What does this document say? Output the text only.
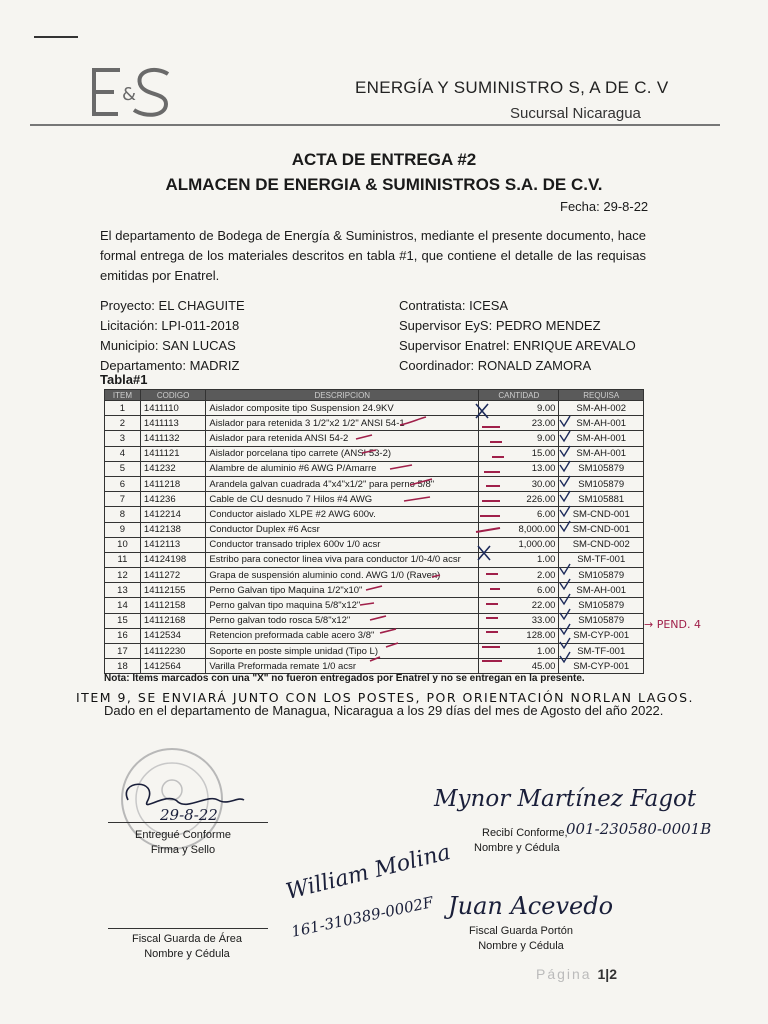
&	ENERGÍA Y SUMINISTRO S, A DE C. V
Sucursal Nicaragua
ACTA DE ENTREGA #2
ALMACEN DE ENERGIA & SUMINISTROS S.A. DE C.V.
Fecha: 29-8-22
El departamento de Bodega de Energía & Suministros, mediante el presente documento, hace formal entrega de los materiales descritos en tabla #1, que contiene el detalle de las requisas emitidas por Enatrel.
Proyecto: EL CHAGUITE
Licitación: LPI-011-2018
Municipio: SAN LUCAS
Departamento: MADRIZ
Contratista: ICESA
Supervisor EyS: PEDRO MENDEZ
Supervisor Enatrel: ENRIQUE AREVALO
Coordinador: RONALD ZAMORA
Tabla#1
ITEM	CODIGO	DESCRIPCION	CANTIDAD	REQUISA
1	1411110	Aislador composite tipo Suspension 24.9KV	9.00	SM-AH-002
2	1411113	Aislador para retenida 3 1/2"x2 1/2" ANSI 54-1	23.00	SM-AH-001
3	1411132	Aislador para retenida ANSI 54-2	9.00	SM-AH-001
4	1411121	Aislador porcelana tipo carrete (ANSI 53-2)	15.00	SM-AH-001
5	141232	Alambre de aluminio #6 AWG P/Amarre	13.00	SM105879
6	1411218	Arandela galvan cuadrada 4"x4"x1/2" para perno 5/8"	30.00	SM105879
7	141236	Cable de CU desnudo 7 Hilos #4 AWG	226.00	SM105881
8	1412214	Conductor aislado XLPE #2 AWG 600v.	6.00	SM-CND-001
9	1412138	Conductor Duplex #6 Acsr	8,000.00	SM-CND-001
10	1412113	Conductor transado triplex 600v 1/0 acsr	1,000.00	SM-CND-002
11	14124198	Estribo para conector linea viva para conductor 1/0-4/0 acsr	1.00	SM-TF-001
12	1411272	Grapa de suspensión aluminio cond. AWG 1/0 (Raven)	2.00	SM105879
13	14112155	Perno Galvan tipo Maquina 1/2"x10"	6.00	SM-AH-001
14	14112158	Perno galvan tipo maquina 5/8"x12"	22.00	SM105879
15	14112168	Perno galvan todo rosca 5/8"x12"	33.00	SM105879
16	1412534	Retencion preformada cable acero 3/8"	128.00	SM-CYP-001
17	14112230	Soporte en poste simple unidad (Tipo L)	1.00	SM-TF-001
18	1412564	Varilla Preformada remate 1/0 acsr	45.00	SM-CYP-001
→ PEND. 4
Nota: Items marcados con una "X" no fueron entregados por Enatrel y no se entregan en la presente.
ITEM 9, SE ENVIARÁ JUNTO CON LOS POSTES, POR ORIENTACIÓN NORLAN LAGOS.
Dado en el departamento de Managua, Nicaragua a los 29 días del mes de Agosto del año 2022.
29-8-22
Entregué Conforme
Firma y Sello
Mynor Martínez Fagot
001-230580-0001B
Recibí Conforme,
Nombre y Cédula
William Molina
161-310389-0002F
Fiscal Guarda de Área
Nombre y Cédula
Juan Acevedo
Fiscal Guarda Portón
Nombre y Cédula
Página 1|2
